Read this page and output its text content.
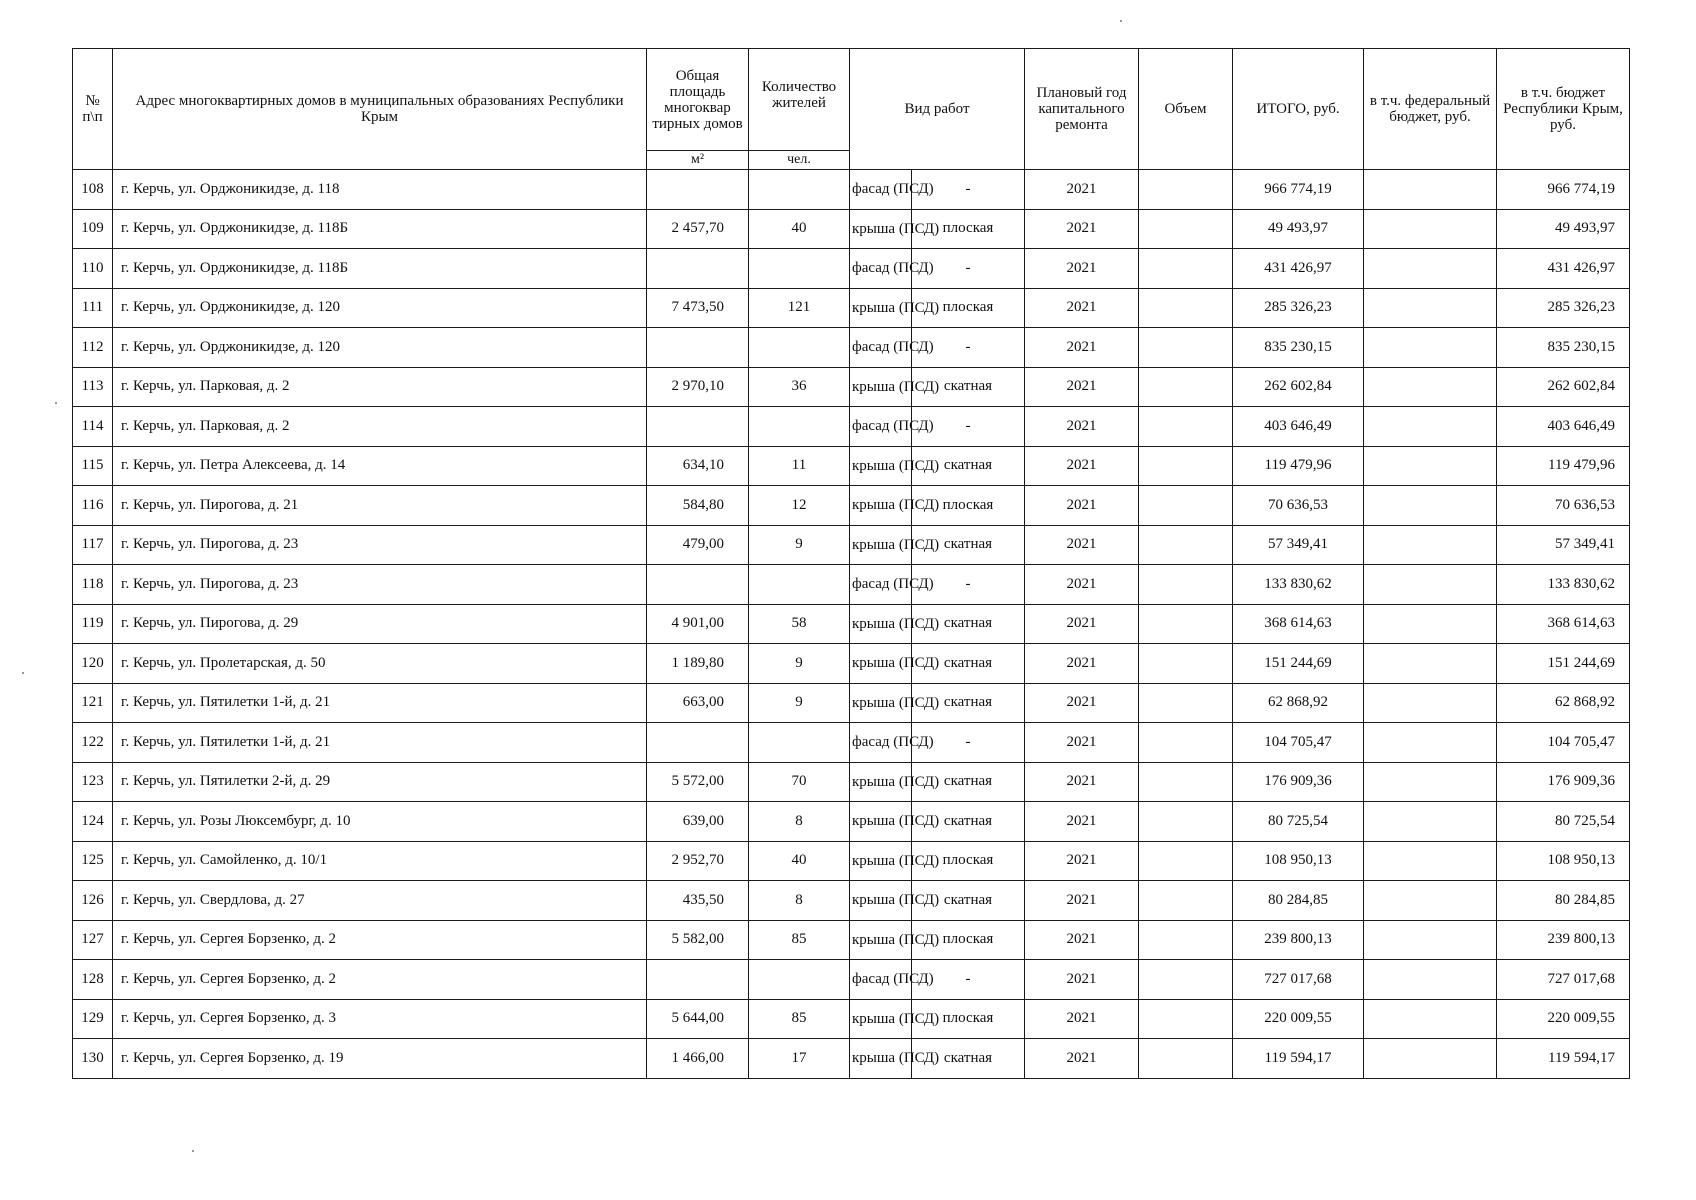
№ п\п	Адрес многоквартирных домов в муниципальных образованиях Республики Крым	Общая площадь многоквар тирных домов	Количество жителей	Вид работ		Плановый год капитального ремонта	Объем	ИТОГО, руб.	в т.ч. федеральный бюджет, руб.	в т.ч. бюджет Республики Крым, руб.
		м²	чел.							
108	г. Керчь, ул. Орджоникидзе, д. 118			фасад (ПСД)	-	2021		966 774,19		966 774,19
109	г. Керчь, ул. Орджоникидзе, д. 118Б	2 457,70	40	крыша (ПСД)	плоская	2021		49 493,97		49 493,97
110	г. Керчь, ул. Орджоникидзе, д. 118Б			фасад (ПСД)	-	2021		431 426,97		431 426,97
111	г. Керчь, ул. Орджоникидзе, д. 120	7 473,50	121	крыша (ПСД)	плоская	2021		285 326,23		285 326,23
112	г. Керчь, ул. Орджоникидзе, д. 120			фасад (ПСД)	-	2021		835 230,15		835 230,15
113	г. Керчь, ул. Парковая, д. 2	2 970,10	36	крыша (ПСД)	скатная	2021		262 602,84		262 602,84
114	г. Керчь, ул. Парковая, д. 2			фасад (ПСД)	-	2021		403 646,49		403 646,49
115	г. Керчь, ул. Петра Алексеева, д. 14	634,10	11	крыша (ПСД)	скатная	2021		119 479,96		119 479,96
116	г. Керчь, ул. Пирогова, д. 21	584,80	12	крыша (ПСД)	плоская	2021		70 636,53		70 636,53
117	г. Керчь, ул. Пирогова, д. 23	479,00	9	крыша (ПСД)	скатная	2021		57 349,41		57 349,41
118	г. Керчь, ул. Пирогова, д. 23			фасад (ПСД)	-	2021		133 830,62		133 830,62
119	г. Керчь, ул. Пирогова, д. 29	4 901,00	58	крыша (ПСД)	скатная	2021		368 614,63		368 614,63
120	г. Керчь, ул. Пролетарская, д. 50	1 189,80	9	крыша (ПСД)	скатная	2021		151 244,69		151 244,69
121	г. Керчь, ул. Пятилетки 1-й, д. 21	663,00	9	крыша (ПСД)	скатная	2021		62 868,92		62 868,92
122	г. Керчь, ул. Пятилетки 1-й, д. 21			фасад (ПСД)	-	2021		104 705,47		104 705,47
123	г. Керчь, ул. Пятилетки 2-й, д. 29	5 572,00	70	крыша (ПСД)	скатная	2021		176 909,36		176 909,36
124	г. Керчь, ул. Розы Люксембург, д. 10	639,00	8	крыша (ПСД)	скатная	2021		80 725,54		80 725,54
125	г. Керчь, ул. Самойленко, д. 10/1	2 952,70	40	крыша (ПСД)	плоская	2021		108 950,13		108 950,13
126	г. Керчь, ул. Свердлова, д. 27	435,50	8	крыша (ПСД)	скатная	2021		80 284,85		80 284,85
127	г. Керчь, ул. Сергея Борзенко, д. 2	5 582,00	85	крыша (ПСД)	плоская	2021		239 800,13		239 800,13
128	г. Керчь, ул. Сергея Борзенко, д. 2			фасад (ПСД)	-	2021		727 017,68		727 017,68
129	г. Керчь, ул. Сергея Борзенко, д. 3	5 644,00	85	крыша (ПСД)	плоская	2021		220 009,55		220 009,55
130	г. Керчь, ул. Сергея Борзенко, д. 19	1 466,00	17	крыша (ПСД)	скатная	2021		119 594,17		119 594,17
